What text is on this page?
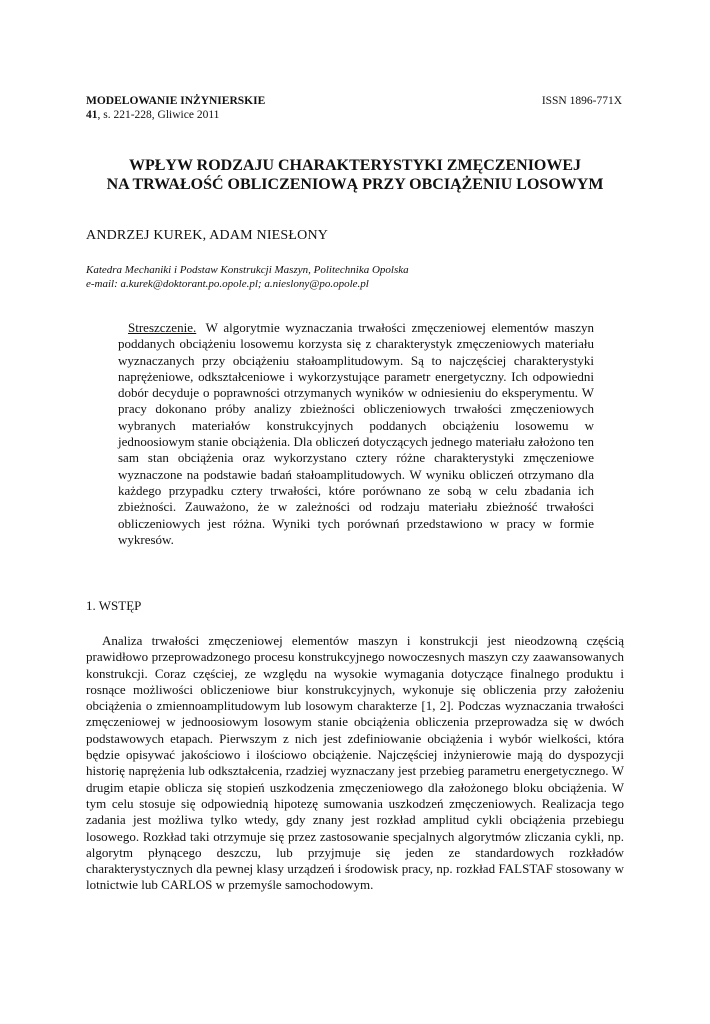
MODELOWANIE INŻYNIERSKIE
41, s. 221-228, Gliwice 2011
ISSN 1896-771X
WPŁYW RODZAJU CHARAKTERYSTYKI ZMĘCZENIOWEJ
NA TRWAŁOŚĆ OBLICZENIOWĄ PRZY OBCIĄŻENIU LOSOWYM
ANDRZEJ KUREK, ADAM NIESŁONY
Katedra Mechaniki i Podstaw Konstrukcji Maszyn, Politechnika Opolska
e-mail: a.kurek@doktorant.po.opole.pl; a.nieslony@po.opole.pl
Streszczenie. W algorytmie wyznaczania trwałości zmęczeniowej elementów maszyn poddanych obciążeniu losowemu korzysta się z charakterystyk zmęczeniowych materiału wyznaczanych przy obciążeniu stałoamplitudowym. Są to najczęściej charakterystyki naprężeniowe, odkształceniowe i wykorzystujące parametr energetyczny. Ich odpowiedni dobór decyduje o poprawności otrzymanych wyników w odniesieniu do eksperymentu. W pracy dokonano próby analizy zbieżności obliczeniowych trwałości zmęczeniowych wybranych materiałów konstrukcyjnych poddanych obciążeniu losowemu w jednoosiowym stanie obciążenia. Dla obliczeń dotyczących jednego materiału założono ten sam stan obciążenia oraz wykorzystano cztery różne charakterystyki zmęczeniowe wyznaczone na podstawie badań stałoamplitudowych. W wyniku obliczeń otrzymano dla każdego przypadku cztery trwałości, które porównano ze sobą w celu zbadania ich zbieżności. Zauważono, że w zależności od rodzaju materiału zbieżność trwałości obliczeniowych jest różna. Wyniki tych porównań przedstawiono w pracy w formie wykresów.
1. WSTĘP
Analiza trwałości zmęczeniowej elementów maszyn i konstrukcji jest nieodzowną częścią prawidłowo przeprowadzonego procesu konstrukcyjnego nowoczesnych maszyn czy zaawansowanych konstrukcji. Coraz częściej, ze względu na wysokie wymagania dotyczące finalnego produktu i rosnące możliwości obliczeniowe biur konstrukcyjnych, wykonuje się obliczenia przy założeniu obciążenia o zmiennoamplitudowym lub losowym charakterze [1, 2]. Podczas wyznaczania trwałości zmęczeniowej w jednoosiowym losowym stanie obciążenia obliczenia przeprowadza się w dwóch podstawowych etapach. Pierwszym z nich jest zdefiniowanie obciążenia i wybór wielkości, która będzie opisywać jakościowo i ilościowo obciążenie. Najczęściej inżynierowie mają do dyspozycji historię naprężenia lub odkształcenia, rzadziej wyznaczany jest przebieg parametru energetycznego. W drugim etapie oblicza się stopień uszkodzenia zmęczeniowego dla założonego bloku obciążenia. W tym celu stosuje się odpowiednią hipotezę sumowania uszkodzeń zmęczeniowych. Realizacja tego zadania jest możliwa tylko wtedy, gdy znany jest rozkład amplitud cykli obciążenia przebiegu losowego. Rozkład taki otrzymuje się przez zastosowanie specjalnych algorytmów zliczania cykli, np. algorytm płynącego deszczu, lub przyjmuje się jeden ze standardowych rozkładów charakterystycznych dla pewnej klasy urządzeń i środowisk pracy, np. rozkład FALSTAF stosowany w lotnictwie lub CARLOS w przemyśle samochodowym.
